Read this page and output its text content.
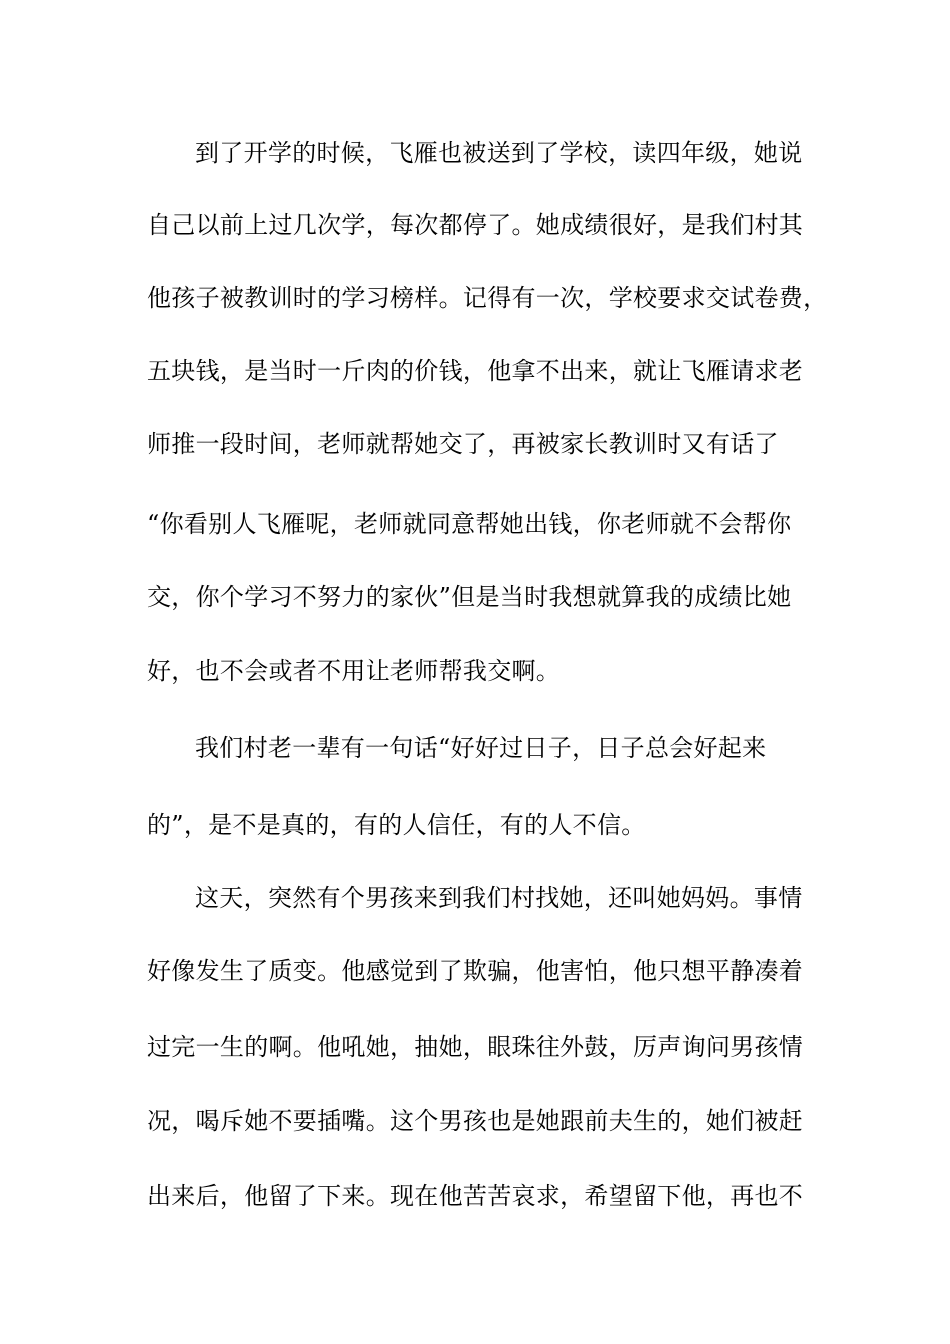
到了开学的时候，飞雁也被送到了学校，读四年级，她说
自己以前上过几次学，每次都停了。她成绩很好，是我们村其
他孩子被教训时的学习榜样。记得有一次，学校要求交试卷费，
五块钱，是当时一斤肉的价钱，他拿不出来，就让飞雁请求老
师推一段时间，老师就帮她交了，再被家长教训时又有话了
“你看别人飞雁呢，老师就同意帮她出钱，你老师就不会帮你
交，你个学习不努力的家伙”但是当时我想就算我的成绩比她
好，也不会或者不用让老师帮我交啊。
我们村老一辈有一句话“好好过日子，日子总会好起来
的”，是不是真的，有的人信任，有的人不信。
这天，突然有个男孩来到我们村找她，还叫她妈妈。事情
好像发生了质变。他感觉到了欺骗，他害怕，他只想平静凑着
过完一生的啊。他吼她，抽她，眼珠往外鼓，厉声询问男孩情
况，喝斥她不要插嘴。这个男孩也是她跟前夫生的，她们被赶
出来后，他留了下来。现在他苦苦哀求，希望留下他，再也不
